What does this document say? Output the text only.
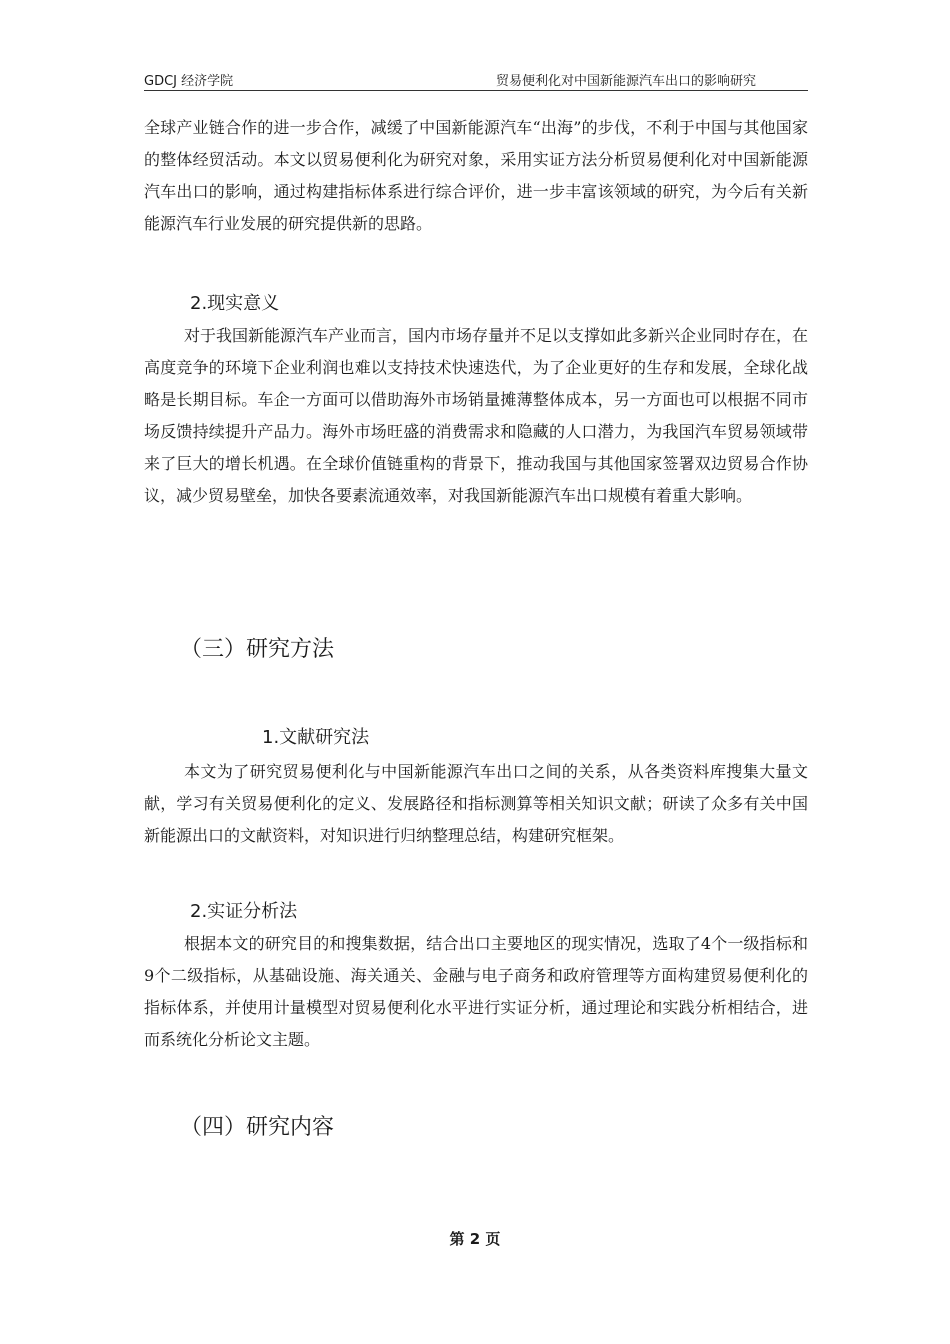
GDCJ 经济学院	贸易便利化对中国新能源汽车出口的影响研究

全球产业链合作的进一步合作，减缓了中国新能源汽车“出海”的步伐，不利于中国与其他国家的整体经贸活动。本文以贸易便利化为研究对象，采用实证方法分析贸易便利化对中国新能源汽车出口的影响，通过构建指标体系进行综合评价，进一步丰富该领域的研究，为今后有关新能源汽车行业发展的研究提供新的思路。

2.现实意义

对于我国新能源汽车产业而言，国内市场存量并不足以支撑如此多新兴企业同时存在，在高度竞争的环境下企业利润也难以支持技术快速迭代，为了企业更好的生存和发展，全球化战略是长期目标。车企一方面可以借助海外市场销量摊薄整体成本，另一方面也可以根据不同市场反馈持续提升产品力。海外市场旺盛的消费需求和隐藏的人口潜力，为我国汽车贸易领域带来了巨大的增长机遇。在全球价值链重构的背景下，推动我国与其他国家签署双边贸易合作协议，减少贸易壁垒，加快各要素流通效率，对我国新能源汽车出口规模有着重大影响。

（三）研究方法
1.文献研究法

本文为了研究贸易便利化与中国新能源汽车出口之间的关系，从各类资料库搜集大量文献，学习有关贸易便利化的定义、发展路径和指标测算等相关知识文献；研读了众多有关中国新能源出口的文献资料，对知识进行归纳整理总结，构建研究框架。

2.实证分析法

根据本文的研究目的和搜集数据，结合出口主要地区的现实情况，选取了4个一级指标和9个二级指标，从基础设施、海关通关、金融与电子商务和政府管理等方面构建贸易便利化的指标体系，并使用计量模型对贸易便利化水平进行实证分析，通过理论和实践分析相结合，进而系统化分析论文主题。

（四）研究内容
第 2 页
